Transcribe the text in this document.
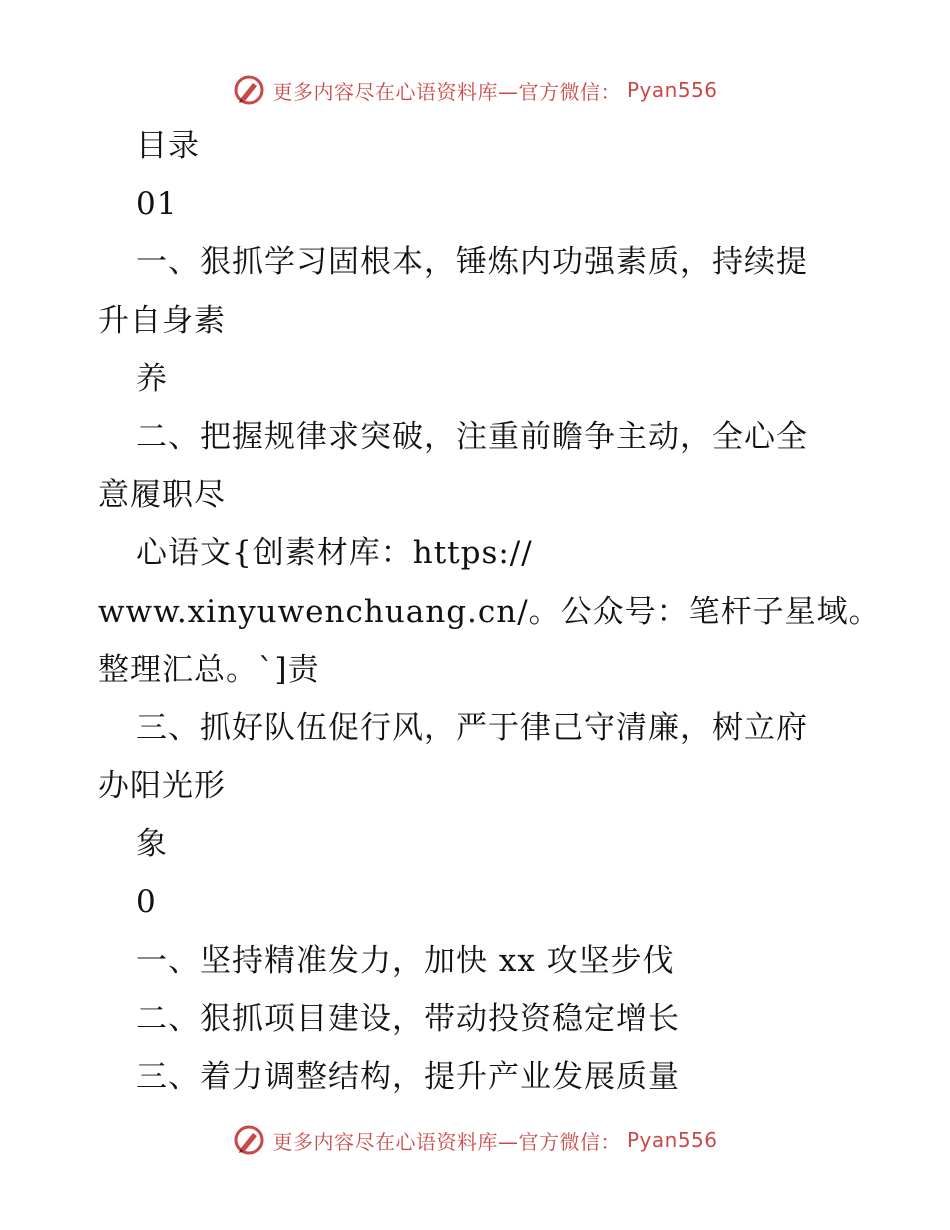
更多内容尽在心语资料库—官方微信： Pyan556
目录
01
一、狠抓学习固根本，锤炼内功强素质，持续提
升自身素
养
二、把握规律求突破，注重前瞻争主动，全心全
意履职尽
心语文{创素材库：https://
www.xinyuwenchuang.cn/。公众号：笔杆子星域。
整理汇总。`]责
三、抓好队伍促行风，严于律己守清廉，树立府
办阳光形
象
0
一、坚持精准发力，加快 xx 攻坚步伐
二、狠抓项目建设，带动投资稳定增长
三、着力调整结构，提升产业发展质量
更多内容尽在心语资料库—官方微信： Pyan556
